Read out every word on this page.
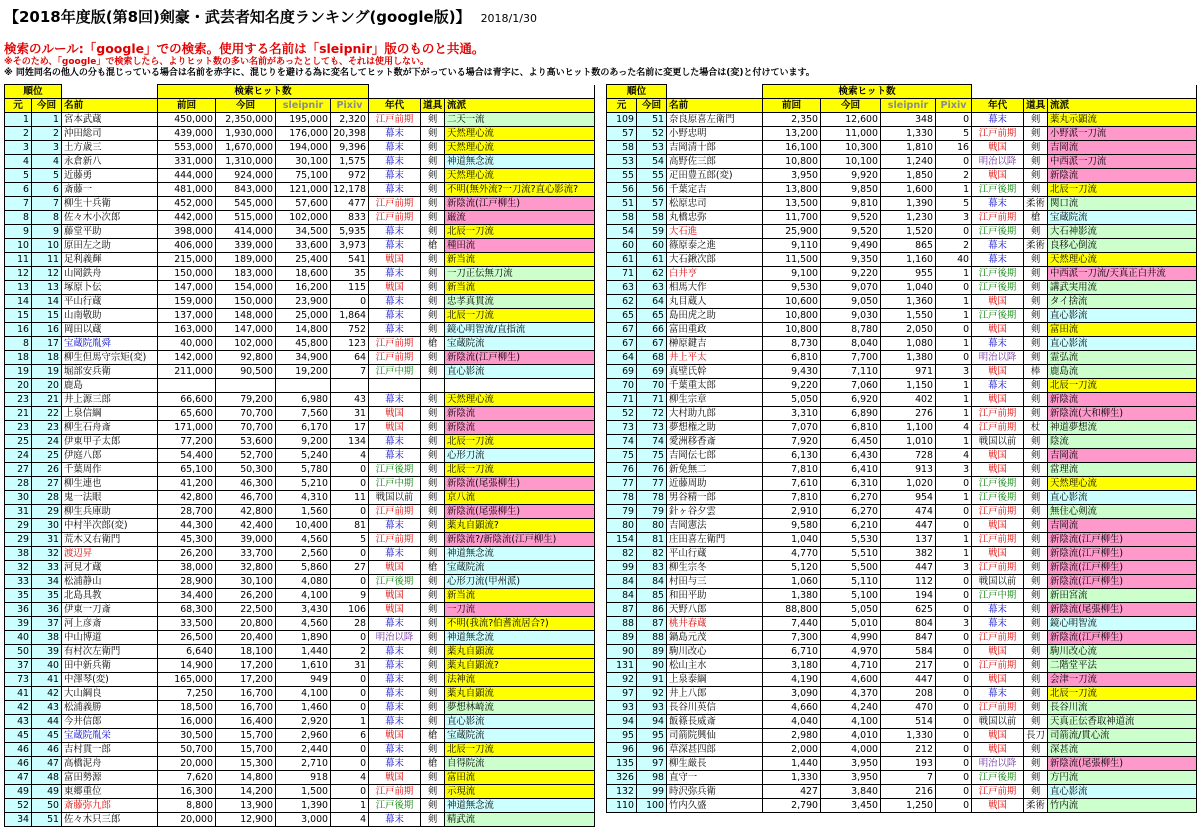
【2018年度版(第8回)剣豪・武芸者知名度ランキング(google版)】 2018/1/30
検索のルール:「google」での検索。使用する名前は「sleipnir」版のものと共通。
※そのため、「google」で検索したら、よりヒット数の多い名前があったとしても、それは使用しない。
※ 同姓同名の他人の分も混じっている場合は名前を赤字に、混じりを避ける為に変名してヒット数が下がっている場合は青字に、より高いヒット数のあった名前に変更した場合は(変)と付けています。
順位			検索ヒット数						
元	今回	名前	前回	今回	sleipnir	Pixiv	年代	道具	流派
1	1	宮本武蔵	450,000	2,350,000	195,000	2,320	江戸前期	剣	二天一流
2	2	沖田総司	439,000	1,930,000	176,000	20,398	幕末	剣	天然理心流
3	3	土方歳三	553,000	1,670,000	194,000	9,396	幕末	剣	天然理心流
4	4	永倉新八	331,000	1,310,000	30,100	1,575	幕末	剣	神道無念流
5	5	近藤勇	444,000	924,000	75,100	972	幕末	剣	天然理心流
6	6	斎藤一	481,000	843,000	121,000	12,178	幕末	剣	不明(無外流?一刀流?直心影流?
7	7	柳生十兵衛	452,000	545,000	57,600	477	江戸前期	剣	新陰流(江戸柳生)
8	8	佐々木小次郎	442,000	515,000	102,000	833	江戸前期	剣	巌流
9	9	藤堂平助	398,000	414,000	34,500	5,935	幕末	剣	北辰一刀流
10	10	原田左之助	406,000	339,000	33,600	3,973	幕末	槍	種田流
11	11	足利義輝	215,000	189,000	25,400	541	戦国	剣	新当流
12	12	山岡鉄舟	150,000	183,000	18,600	35	幕末	剣	一刀正伝無刀流
13	13	塚原卜伝	147,000	154,000	16,200	115	戦国	剣	新当流
14	14	平山行蔵	159,000	150,000	23,900	0	幕末	剣	忠孝真貫流
15	15	山南敬助	137,000	148,000	25,000	1,864	幕末	剣	北辰一刀流
16	16	岡田以蔵	163,000	147,000	14,800	752	幕末	剣	鏡心明智流/直指流
8	17	宝蔵院胤舜	40,000	102,000	45,800	123	江戸前期	槍	宝蔵院流
18	18	柳生但馬守宗矩(変)	142,000	92,800	34,900	64	江戸前期	剣	新陰流(江戸柳生)
19	19	堀部安兵衛	211,000	90,500	19,200	7	江戸中期	剣	直心影流
20	20	鹿島							
23	21	井上源三郎	66,600	79,200	6,980	43	幕末	剣	天然理心流
21	22	上泉信綱	65,600	70,700	7,560	31	戦国	剣	新陰流
23	23	柳生石舟斎	171,000	70,700	6,170	17	戦国	剣	新陰流
25	24	伊東甲子太郎	77,200	53,600	9,200	134	幕末	剣	北辰一刀流
24	25	伊庭八郎	54,400	52,700	5,240	4	幕末	剣	心形刀流
27	26	千葉周作	65,100	50,300	5,780	0	江戸後期	剣	北辰一刀流
28	27	柳生連也	41,200	46,300	5,210	0	江戸中期	剣	新陰流(尾張柳生)
30	28	鬼一法眼	42,800	46,700	4,310	11	戦国以前	剣	京八流
31	29	柳生兵庫助	28,700	42,800	1,560	0	江戸前期	剣	新陰流(尾張柳生)
29	30	中村半次郎(変)	44,300	42,400	10,400	81	幕末	剣	薬丸自顕流?
29	31	荒木又右衛門	45,300	39,000	4,560	5	江戸前期	剣	新陰流?/新陰流(江戸柳生)
38	32	渡辺昇	26,200	33,700	2,560	0	幕末	剣	神道無念流
32	33	河見才蔵	38,000	32,800	5,860	27	戦国	槍	宝蔵院流
33	34	松浦静山	28,900	30,100	4,080	0	江戸後期	剣	心形刀流(甲州派)
35	35	北島具教	34,400	26,200	4,100	9	戦国	剣	新当流
36	36	伊東一刀斎	68,300	22,500	3,430	106	戦国	剣	一刀流
39	37	河上彦斎	33,500	20,800	4,560	28	幕末	剣	不明(我流?伯耆流居合?)
40	38	中山博道	26,500	20,400	1,890	0	明治以降	剣	神道無念流
50	39	有村次左衛門	6,640	18,100	1,440	2	幕末	剣	薬丸自顕流
37	40	田中新兵衛	14,900	17,200	1,610	31	幕末	剣	薬丸自顕流?
73	41	中澤琴(変)	165,000	17,200	949	0	幕末	剣	法神流
41	42	大山綱良	7,250	16,700	4,100	0	幕末	剣	薬丸自顕流
42	43	松浦義勝	18,500	16,700	1,460	0	幕末	剣	夢想林崎流
43	44	今井信郎	16,000	16,400	2,920	1	幕末	剣	直心影流
45	45	宝蔵院胤栄	30,500	15,700	2,960	6	戦国	槍	宝蔵院流
46	46	吉村貫一郎	50,700	15,700	2,440	0	幕末	剣	北辰一刀流
46	47	高橋泥舟	20,000	15,300	2,710	0	幕末	槍	自得院流
47	48	富田勢源	7,620	14,800	918	4	戦国	剣	富田流
49	49	東郷重位	16,300	14,200	1,500	0	江戸前期	剣	示現流
52	50	斎藤弥九郎	8,800	13,900	1,390	1	江戸後期	剣	神道無念流
34	51	佐々木只三郎	20,000	12,900	3,000	4	幕末	剣	精武流
順位			検索ヒット数						
元	今回	名前	前回	今回	sleipnir	Pixiv	年代	道具	流派
109	51	奈良原喜左衛門	2,350	12,600	348	0	幕末	剣	薬丸示顕流
57	52	小野忠明	13,200	11,000	1,330	5	江戸前期	剣	小野派一刀流
58	53	吉岡清十郎	16,100	10,300	1,810	16	戦国	剣	吉岡流
53	54	高野佐三郎	10,800	10,100	1,240	0	明治以降	剣	中西派一刀流
55	55	疋田豊五郎(変)	3,950	9,920	1,850	2	戦国	剣	新陰流
56	56	千葉定吉	13,800	9,850	1,600	1	江戸後期	剣	北辰一刀流
51	57	松原忠司	13,500	9,810	1,390	5	幕末	柔術	関口流
58	58	丸橋忠弥	11,700	9,520	1,230	3	江戸前期	槍	宝蔵院流
54	59	大石進	25,900	9,520	1,520	0	江戸後期	剣	大石神影流
60	60	篠原泰之進	9,110	9,490	865	2	幕末	柔術	良移心倒流
61	61	大石鍬次郎	11,500	9,350	1,160	40	幕末	剣	天然理心流
71	62	白井亨	9,100	9,220	955	1	江戸後期	剣	中西派一刀流/天真正白井流
63	63	相馬大作	9,530	9,070	1,040	0	江戸後期	剣	講武実用流
62	64	丸目蔵人	10,600	9,050	1,360	1	戦国	剣	タイ捨流
65	65	島田虎之助	10,800	9,030	1,550	1	江戸後期	剣	直心影流
67	66	富田重政	10,800	8,780	2,050	0	戦国	剣	富田流
67	67	榊原鍵吉	8,730	8,040	1,080	1	幕末	剣	直心影流
64	68	井上平太	6,810	7,700	1,380	0	明治以降	剣	霊弘流
69	69	真壁氏幹	9,430	7,110	971	3	戦国	棒	鹿島流
70	70	千葉重太郎	9,220	7,060	1,150	1	幕末	剣	北辰一刀流
71	71	柳生宗章	5,050	6,920	402	1	戦国	剣	新陰流
52	72	大村助九郎	3,310	6,890	276	1	江戸前期	剣	新陰流(大和柳生)
73	73	夢想権之助	7,070	6,810	1,100	4	江戸前期	杖	神道夢想流
74	74	愛洲移香斎	7,920	6,450	1,010	1	戦国以前	剣	陰流
75	75	吉岡伝七郎	6,130	6,430	728	4	戦国	剣	吉岡流
76	76	新免無二	7,810	6,410	913	3	戦国	剣	當理流
77	77	近藤周助	7,610	6,310	1,020	0	江戸後期	剣	天然理心流
78	78	男谷精一郎	7,810	6,270	954	1	江戸後期	剣	直心影流
79	79	針ヶ谷夕雲	2,910	6,270	474	0	江戸前期	剣	無住心剣流
80	80	吉岡憲法	9,580	6,210	447	0	戦国	剣	吉岡流
154	81	庄田喜左衛門	1,040	5,530	137	1	江戸前期	剣	新陰流(江戸柳生)
82	82	平山行蔵	4,770	5,510	382	1	戦国	剣	新陰流(江戸柳生)
99	83	柳生宗冬	5,120	5,500	447	3	江戸前期	剣	新陰流(江戸柳生)
84	84	村田与三	1,060	5,110	112	0	戦国以前	剣	新陰流(江戸柳生)
84	85	和田平助	1,380	5,100	194	0	江戸中期	剣	新田宮流
87	86	天野八郎	88,800	5,050	625	0	幕末	剣	新陰流(尾張柳生)
88	87	桃井春蔵	7,440	5,010	804	3	幕末	剣	鏡心明智流
89	88	鍋島元茂	7,300	4,990	847	0	江戸前期	剣	新陰流(江戸柳生)
90	89	駒川改心	6,710	4,970	584	0	戦国	剣	駒川改心流
131	90	松山主水	3,180	4,710	217	0	江戸前期	剣	二階堂平法
92	91	上泉泰綱	4,190	4,600	447	0	戦国	剣	会津一刀流
97	92	井上八郎	3,090	4,370	208	0	幕末	剣	北辰一刀流
93	93	長谷川英信	4,660	4,240	470	0	江戸前期	剣	長谷川流
94	94	飯篠長威斎	4,040	4,100	514	0	戦国以前	剣	天真正伝香取神道流
95	95	司箭院興仙	2,980	4,010	1,330	0	戦国	長刀	司箭流/貫心流
96	96	草深甚四郎	2,000	4,000	212	0	戦国	剣	深甚流
135	97	柳生厳長	1,440	3,950	193	0	明治以降	剣	新陰流(尾張柳生)
326	98	直守一	1,330	3,950	7	0	江戸後期	剣	方円流
132	99	時沢弥兵衛	427	3,840	216	0	江戸前期	剣	直心影流
110	100	竹内久盛	2,790	3,450	1,250	0	戦国	柔術	竹内流
